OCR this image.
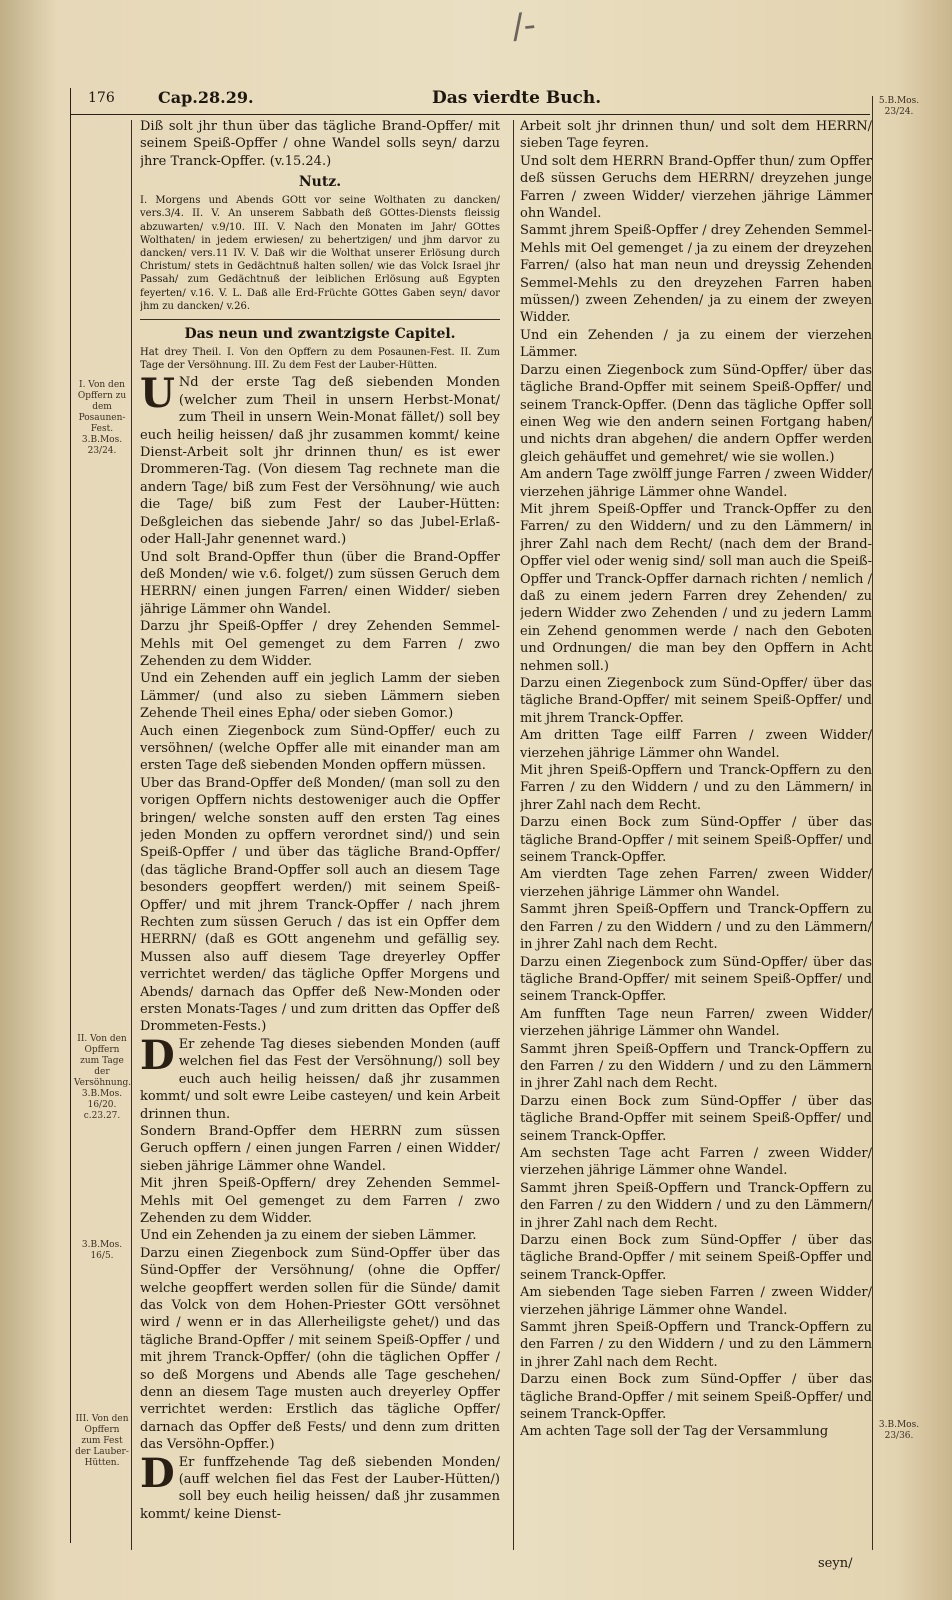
/-
176	Cap.28.29.	Das vierdte Buch.	5.B.Mos. 23/24.
I. Von den Opffern zu dem Posaunen-Fest. 3.B.Mos. 23/24.
II. Von den Opffern zum Tage der Versöhnung. 3.B.Mos. 16/20. c.23.27.
3.B.Mos. 16/5.
III. Von den Opffern zum Fest der Lauber-Hütten.
3.B.Mos. 23/36.

Diß solt jhr thun über das tägliche Brand-Opffer/ mit seinem Speiß-Opffer / ohne Wandel solls seyn/ darzu jhre Tranck-Opffer. (v.15.24.)

Nutz.

I. Morgens und Abends GOtt vor seine Wolthaten zu dancken/ vers.3/4. II. V. An unserem Sabbath deß GOttes-Diensts fleissig abzuwarten/ v.9/10. III. V. Nach den Monaten im Jahr/ GOttes Wolthaten/ in jedem erwiesen/ zu behertzigen/ und jhm darvor zu dancken/ vers.11 IV. V. Daß wir die Wolthat unserer Erlösung durch Christum/ stets in Gedächtnuß halten sollen/ wie das Volck Israel jhr Passah/ zum Gedächtnuß der leiblichen Erlösung auß Egypten feyerten/ v.16. V. L. Daß alle Erd-Früchte GOttes Gaben seyn/ davor jhm zu dancken/ v.26.

Das neun und zwantzigste Capitel.

Hat drey Theil. I. Von den Opffern zu dem Posaunen-Fest. II. Zum Tage der Versöhnung. III. Zu dem Fest der Lauber-Hütten.

U Nd der erste Tag deß siebenden Monden (welcher zum Theil in unsern Herbst-Monat/ zum Theil in unsern Wein-Monat fället/) soll bey euch heilig heissen/ daß jhr zusammen kommt/ keine Dienst-Arbeit solt jhr drinnen thun/ es ist ewer Drommeren-Tag. (Von diesem Tag rechnete man die andern Tage/ biß zum Fest der Versöhnung/ wie auch die Tage/ biß zum Fest der Lauber-Hütten: Deßgleichen das siebende Jahr/ so das Jubel-Erlaß- oder Hall-Jahr genennet ward.)

Und solt Brand-Opffer thun (über die Brand-Opffer deß Monden/ wie v.6. folget/) zum süssen Geruch dem HERRN/ einen jungen Farren/ einen Widder/ sieben jährige Lämmer ohn Wandel.

Darzu jhr Speiß-Opffer / drey Zehenden Semmel-Mehls mit Oel gemenget zu dem Farren / zwo Zehenden zu dem Widder.

Und ein Zehenden auff ein jeglich Lamm der sieben Lämmer/ (und also zu sieben Lämmern sieben Zehende Theil eines Epha/ oder sieben Gomor.)

Auch einen Ziegenbock zum Sünd-Opffer/ euch zu versöhnen/ (welche Opffer alle mit einander man am ersten Tage deß siebenden Monden opffern müssen.

Uber das Brand-Opffer deß Monden/ (man soll zu den vorigen Opffern nichts destoweniger auch die Opffer bringen/ welche sonsten auff den ersten Tag eines jeden Monden zu opffern verordnet sind/) und sein Speiß-Opffer / und über das tägliche Brand-Opffer/ (das tägliche Brand-Opffer soll auch an diesem Tage besonders geopffert werden/) mit seinem Speiß-Opffer/ und mit jhrem Tranck-Opffer / nach jhrem Rechten zum süssen Geruch / das ist ein Opffer dem HERRN/ (daß es GOtt angenehm und gefällig sey. Mussen also auff diesem Tage dreyerley Opffer verrichtet werden/ das tägliche Opffer Morgens und Abends/ darnach das Opffer deß New-Monden oder ersten Monats-Tages / und zum dritten das Opffer deß Drommeten-Fests.)

D Er zehende Tag dieses siebenden Monden (auff welchen fiel das Fest der Versöhnung/) soll bey euch auch heilig heissen/ daß jhr zusammen kommt/ und solt ewre Leibe casteyen/ und kein Arbeit drinnen thun.

Sondern Brand-Opffer dem HERRN zum süssen Geruch opffern / einen jungen Farren / einen Widder/ sieben jährige Lämmer ohne Wandel.

Mit jhren Speiß-Opffern/ drey Zehenden Semmel-Mehls mit Oel gemenget zu dem Farren / zwo Zehenden zu dem Widder.

Und ein Zehenden ja zu einem der sieben Lämmer.

Darzu einen Ziegenbock zum Sünd-Opffer über das Sünd-Opffer der Versöhnung/ (ohne die Opffer/ welche geopffert werden sollen für die Sünde/ damit das Volck von dem Hohen-Priester GOtt versöhnet wird / wenn er in das Allerheiligste gehet/) und das tägliche Brand-Opffer / mit seinem Speiß-Opffer / und mit jhrem Tranck-Opffer/ (ohn die täglichen Opffer / so deß Morgens und Abends alle Tage geschehen/ denn an diesem Tage musten auch dreyerley Opffer verrichtet werden: Erstlich das tägliche Opffer/ darnach das Opffer deß Fests/ und denn zum dritten das Versöhn-Opffer.)

D Er funffzehende Tag deß siebenden Monden/ (auff welchen fiel das Fest der Lauber-Hütten/) soll bey euch heilig heissen/ daß jhr zusammen kommt/ keine Dienst-

Arbeit solt jhr drinnen thun/ und solt dem HERRN/ sieben Tage feyren.

Und solt dem HERRN Brand-Opffer thun/ zum Opffer deß süssen Geruchs dem HERRN/ dreyzehen junge Farren / zween Widder/ vierzehen jährige Lämmer ohn Wandel.

Sammt jhrem Speiß-Opffer / drey Zehenden Semmel-Mehls mit Oel gemenget / ja zu einem der dreyzehen Farren/ (also hat man neun und dreyssig Zehenden Semmel-Mehls zu den dreyzehen Farren haben müssen/) zween Zehenden/ ja zu einem der zweyen Widder.

Und ein Zehenden / ja zu einem der vierzehen Lämmer.

Darzu einen Ziegenbock zum Sünd-Opffer/ über das tägliche Brand-Opffer mit seinem Speiß-Opffer/ und seinem Tranck-Opffer. (Denn das tägliche Opffer soll einen Weg wie den andern seinen Fortgang haben/ und nichts dran abgehen/ die andern Opffer werden gleich gehäuffet und gemehret/ wie sie wollen.)

Am andern Tage zwölff junge Farren / zween Widder/ vierzehen jährige Lämmer ohne Wandel.

Mit jhrem Speiß-Opffer und Tranck-Opffer zu den Farren/ zu den Widdern/ und zu den Lämmern/ in jhrer Zahl nach dem Recht/ (nach dem der Brand-Opffer viel oder wenig sind/ soll man auch die Speiß-Opffer und Tranck-Opffer darnach richten / nemlich / daß zu einem jedern Farren drey Zehenden/ zu jedern Widder zwo Zehenden / und zu jedern Lamm ein Zehend genommen werde / nach den Geboten und Ordnungen/ die man bey den Opffern in Acht nehmen soll.)

Darzu einen Ziegenbock zum Sünd-Opffer/ über das tägliche Brand-Opffer/ mit seinem Speiß-Opffer/ und mit jhrem Tranck-Opffer.

Am dritten Tage eilff Farren / zween Widder/ vierzehen jährige Lämmer ohn Wandel.

Mit jhren Speiß-Opffern und Tranck-Opffern zu den Farren / zu den Widdern / und zu den Lämmern/ in jhrer Zahl nach dem Recht.

Darzu einen Bock zum Sünd-Opffer / über das tägliche Brand-Opffer / mit seinem Speiß-Opffer/ und seinem Tranck-Opffer.

Am vierdten Tage zehen Farren/ zween Widder/ vierzehen jährige Lämmer ohn Wandel.

Sammt jhren Speiß-Opffern und Tranck-Opffern zu den Farren / zu den Widdern / und zu den Lämmern/ in jhrer Zahl nach dem Recht.

Darzu einen Ziegenbock zum Sünd-Opffer/ über das tägliche Brand-Opffer/ mit seinem Speiß-Opffer/ und seinem Tranck-Opffer.

Am funfften Tage neun Farren/ zween Widder/ vierzehen jährige Lämmer ohn Wandel.

Sammt jhren Speiß-Opffern und Tranck-Opffern zu den Farren / zu den Widdern / und zu den Lämmern in jhrer Zahl nach dem Recht.

Darzu einen Bock zum Sünd-Opffer / über das tägliche Brand-Opffer mit seinem Speiß-Opffer/ und seinem Tranck-Opffer.

Am sechsten Tage acht Farren / zween Widder/ vierzehen jährige Lämmer ohne Wandel.

Sammt jhren Speiß-Opffern und Tranck-Opffern zu den Farren / zu den Widdern / und zu den Lämmern/ in jhrer Zahl nach dem Recht.

Darzu einen Bock zum Sünd-Opffer / über das tägliche Brand-Opffer / mit seinem Speiß-Opffer und seinem Tranck-Opffer.

Am siebenden Tage sieben Farren / zween Widder/ vierzehen jährige Lämmer ohne Wandel.

Sammt jhren Speiß-Opffern und Tranck-Opffern zu den Farren / zu den Widdern / und zu den Lämmern in jhrer Zahl nach dem Recht.

Darzu einen Bock zum Sünd-Opffer / über das tägliche Brand-Opffer / mit seinem Speiß-Opffer/ und seinem Tranck-Opffer.

Am achten Tage soll der Tag der Versammlung

seyn/
